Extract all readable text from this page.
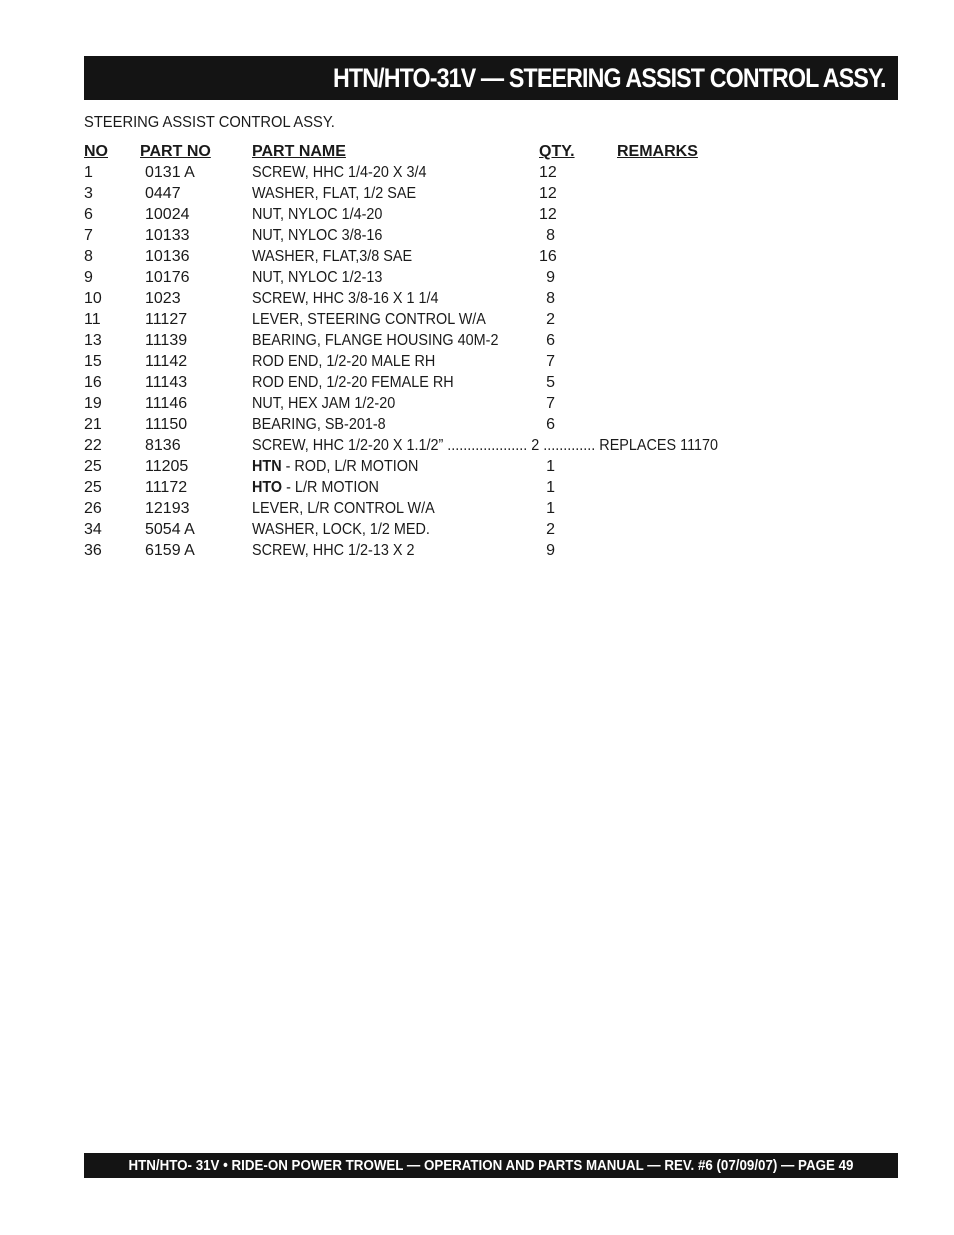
HTN/HTO-31V — STEERING ASSIST CONTROL ASSY.
STEERING ASSIST CONTROL ASSY.
NO PART NO	PART NAME	QTY.	REMARKS
1	0131 A	SCREW, HHC 1/4-20 X 3/4	12
3	0447	WASHER, FLAT, 1/2 SAE	12
6	10024	NUT, NYLOC 1/4-20	12
7	10133	NUT, NYLOC 3/8-16	8
8	10136	WASHER, FLAT,3/8 SAE	16
9	10176	NUT, NYLOC 1/2-13	9
10	1023	SCREW, HHC 3/8-16 X 1 1/4	8
11	11127	LEVER, STEERING CONTROL W/A	2
13	11139	BEARING, FLANGE HOUSING 40M-2	6
15	11142	ROD END, 1/2-20 MALE RH	7
16	11143	ROD END, 1/2-20 FEMALE RH	5
19	11146	NUT, HEX JAM 1/2-20	7
21	11150	BEARING, SB-201-8	6
22	8136	SCREW, HHC 1/2-20 X 1.1/2” .................... 2 ............. REPLACES 11170
25	11205	HTN - ROD, L/R MOTION	1
25	11172	HTO - L/R MOTION	1
26	12193	LEVER, L/R CONTROL W/A	1
34	5054 A	WASHER, LOCK, 1/2 MED.	2
36	6159 A	SCREW, HHC 1/2-13 X 2	9
HTN/HTO- 31V • RIDE-ON POWER TROWEL — OPERATION AND PARTS MANUAL — REV. #6 (07/09/07) — PAGE 49
